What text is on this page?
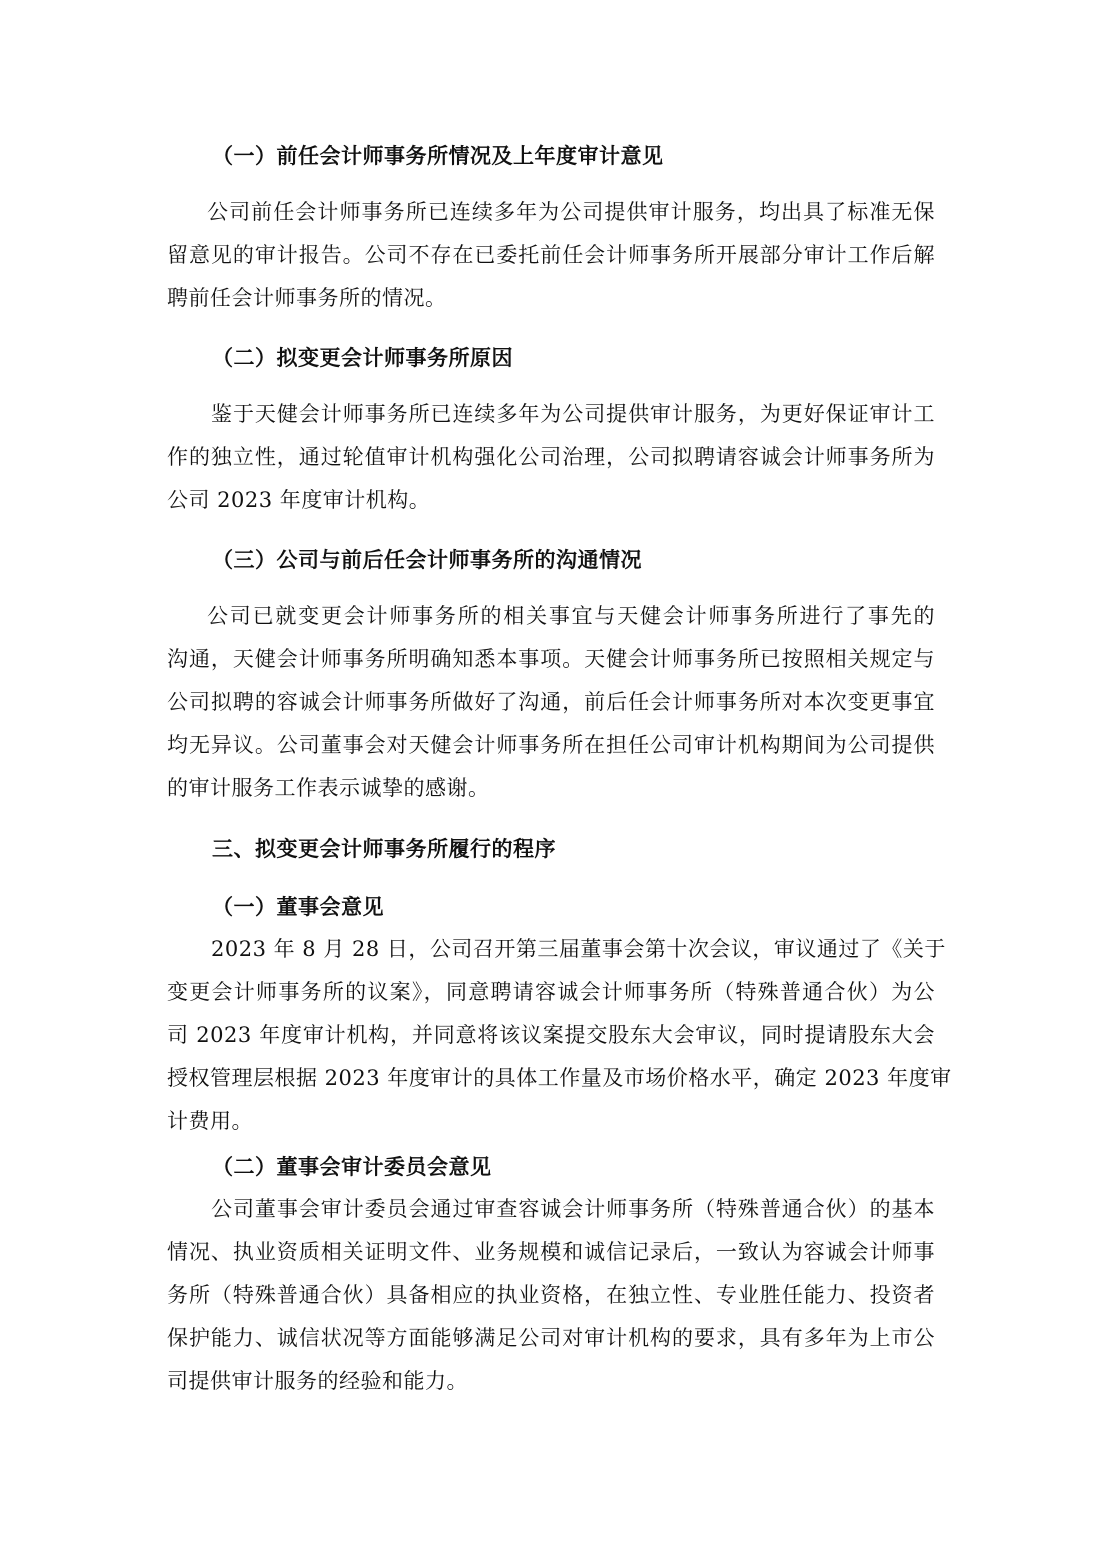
（一）前任会计师事务所情况及上年度审计意见

公司前任会计师事务所已连续多年为公司提供审计服务，均出具了标准无保
留意见的审计报告。公司不存在已委托前任会计师事务所开展部分审计工作后解
聘前任会计师事务所的情况。

（二）拟变更会计师事务所原因

鉴于天健会计师事务所已连续多年为公司提供审计服务，为更好保证审计工
作的独立性，通过轮值审计机构强化公司治理，公司拟聘请容诚会计师事务所为
公司 2023 年度审计机构。

（三）公司与前后任会计师事务所的沟通情况

公司已就变更会计师事务所的相关事宜与天健会计师事务所进行了事先的
沟通，天健会计师事务所明确知悉本事项。天健会计师事务所已按照相关规定与
公司拟聘的容诚会计师事务所做好了沟通，前后任会计师事务所对本次变更事宜
均无异议。公司董事会对天健会计师事务所在担任公司审计机构期间为公司提供
的审计服务工作表示诚挚的感谢。

三、拟变更会计师事务所履行的程序
（一）董事会意见

2023 年 8 月 28 日，公司召开第三届董事会第十次会议，审议通过了《关于
变更会计师事务所的议案》，同意聘请容诚会计师事务所（特殊普通合伙）为公
司 2023 年度审计机构，并同意将该议案提交股东大会审议，同时提请股东大会
授权管理层根据 2023 年度审计的具体工作量及市场价格水平，确定 2023 年度审
计费用。

（二）董事会审计委员会意见

公司董事会审计委员会通过审查容诚会计师事务所（特殊普通合伙）的基本
情况、执业资质相关证明文件、业务规模和诚信记录后，一致认为容诚会计师事
务所（特殊普通合伙）具备相应的执业资格，在独立性、专业胜任能力、投资者
保护能力、诚信状况等方面能够满足公司对审计机构的要求，具有多年为上市公
司提供审计服务的经验和能力。
